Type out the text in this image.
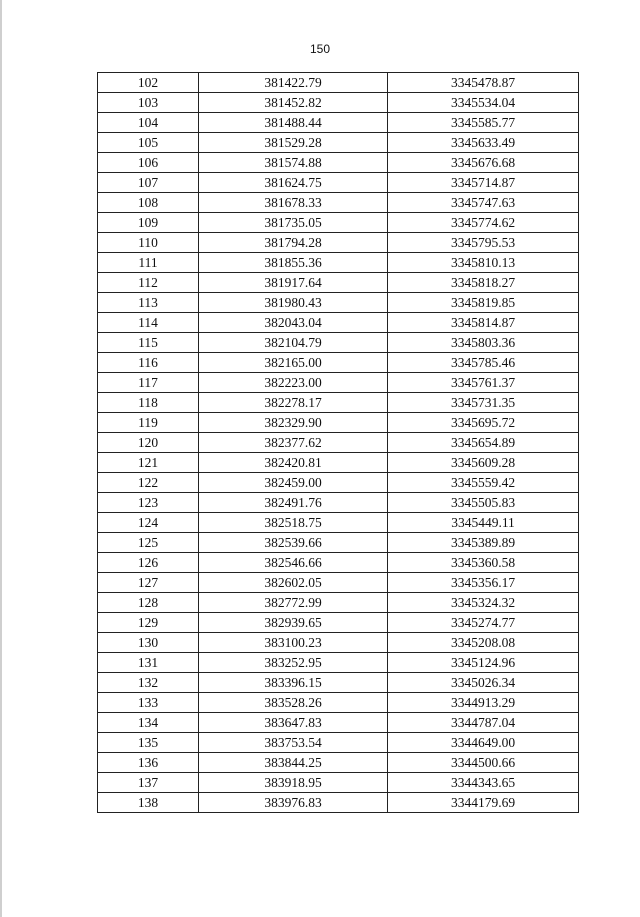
150
102	381422.79	3345478.87
103	381452.82	3345534.04
104	381488.44	3345585.77
105	381529.28	3345633.49
106	381574.88	3345676.68
107	381624.75	3345714.87
108	381678.33	3345747.63
109	381735.05	3345774.62
110	381794.28	3345795.53
111	381855.36	3345810.13
112	381917.64	3345818.27
113	381980.43	3345819.85
114	382043.04	3345814.87
115	382104.79	3345803.36
116	382165.00	3345785.46
117	382223.00	3345761.37
118	382278.17	3345731.35
119	382329.90	3345695.72
120	382377.62	3345654.89
121	382420.81	3345609.28
122	382459.00	3345559.42
123	382491.76	3345505.83
124	382518.75	3345449.11
125	382539.66	3345389.89
126	382546.66	3345360.58
127	382602.05	3345356.17
128	382772.99	3345324.32
129	382939.65	3345274.77
130	383100.23	3345208.08
131	383252.95	3345124.96
132	383396.15	3345026.34
133	383528.26	3344913.29
134	383647.83	3344787.04
135	383753.54	3344649.00
136	383844.25	3344500.66
137	383918.95	3344343.65
138	383976.83	3344179.69
